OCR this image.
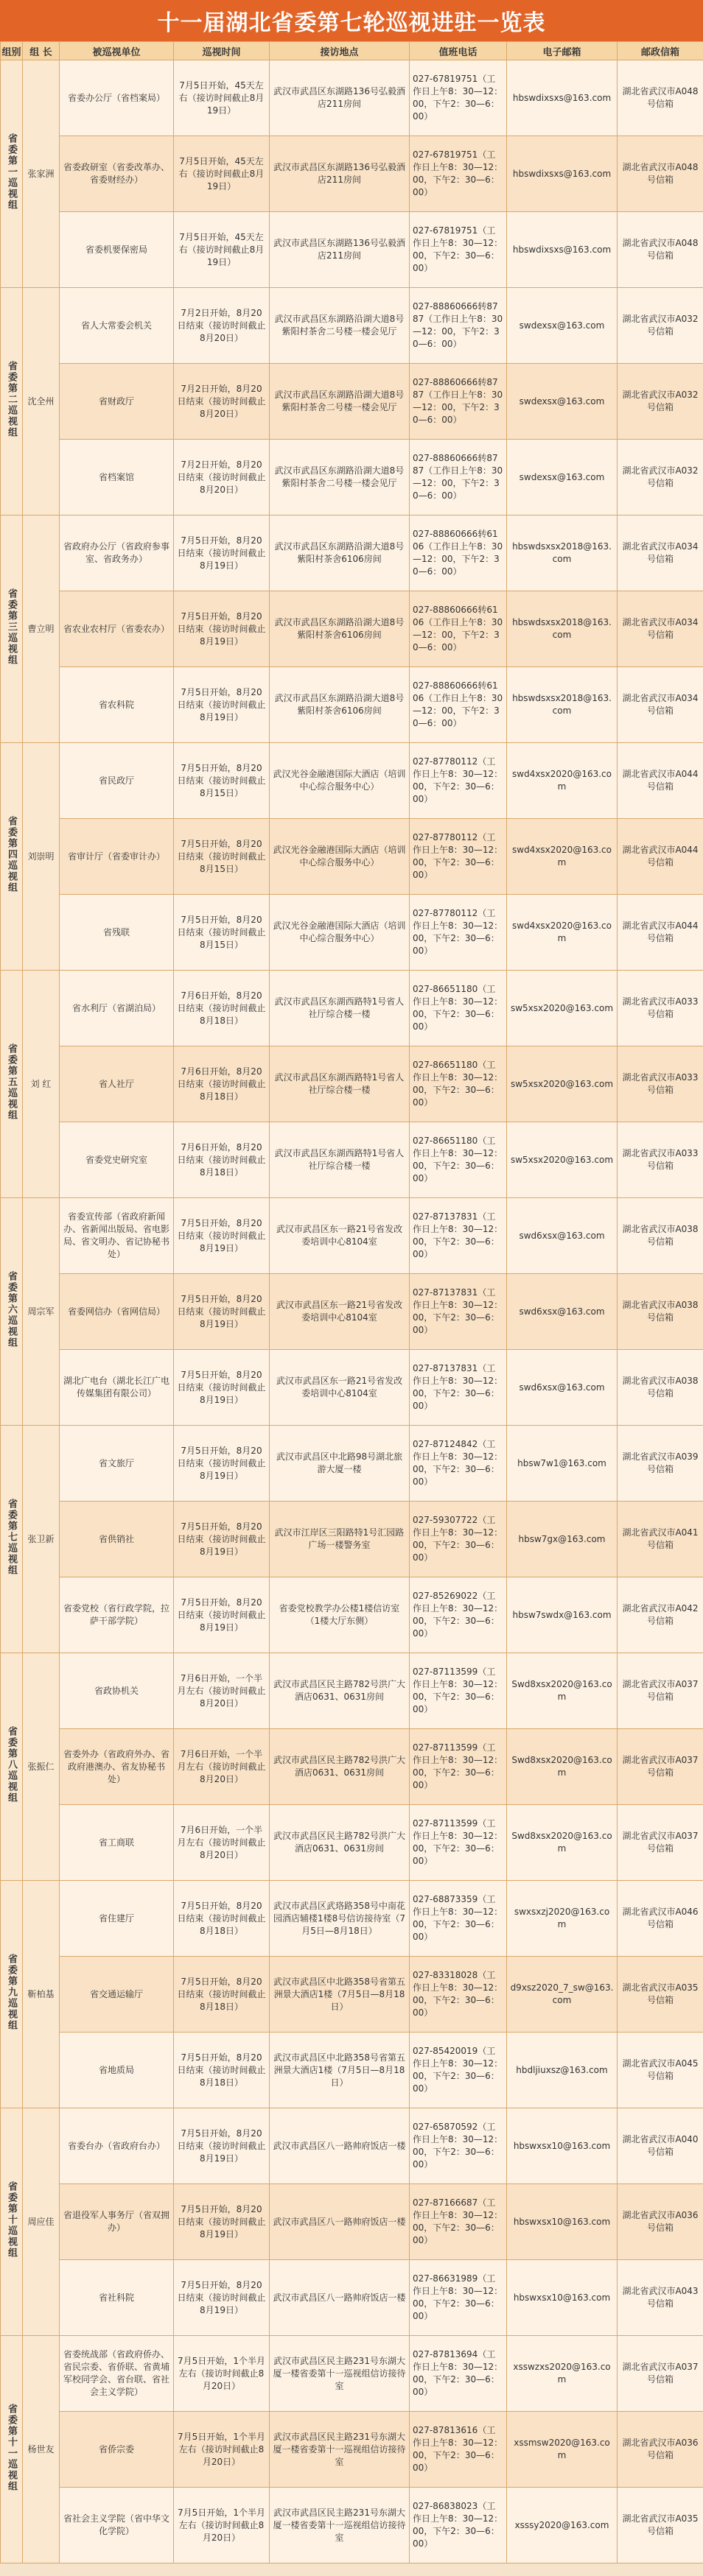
十一届湖北省委第七轮巡视进驻一览表
组别	组 长	被巡视单位	巡视时间	接访地点	值班电话	电子邮箱	邮政信箱
省委第一巡视组	张家洲	省委办公厅（省档案局）	7月5日开始，45天左右（接访时间截止8月19日）	武汉市武昌区东湖路136号弘毅酒店211房间	027-67819751（工作日上午8：30—12：00，下午2：30—6：00）	hbswdixsxs@163.com	湖北省武汉市A048号信箱
		省委政研室（省委改革办、省委财经办）	7月5日开始，45天左右（接访时间截止8月19日）	武汉市武昌区东湖路136号弘毅酒店211房间	027-67819751（工作日上午8：30—12：00，下午2：30—6：00）	hbswdixsxs@163.com	湖北省武汉市A048号信箱
		省委机要保密局	7月5日开始，45天左右（接访时间截止8月19日）	武汉市武昌区东湖路136号弘毅酒店211房间	027-67819751（工作日上午8：30—12：00，下午2：30—6：00）	hbswdixsxs@163.com	湖北省武汉市A048号信箱
省委第二巡视组	沈全州	省人大常委会机关	7月2日开始，8月20日结束（接访时间截止8月20日）	武汉市武昌区东湖路沿湖大道8号紫阳村茶舍二号楼一楼会见厅	027-88860666转8787（工作日上午8：30—12：00，下午2：30—6：00）	swdexsx@163.com	湖北省武汉市A032号信箱
		省财政厅	7月2日开始，8月20日结束（接访时间截止8月20日）	武汉市武昌区东湖路沿湖大道8号紫阳村茶舍二号楼一楼会见厅	027-88860666转8787（工作日上午8：30—12：00，下午2：30—6：00）	swdexsx@163.com	湖北省武汉市A032号信箱
		省档案馆	7月2日开始，8月20日结束（接访时间截止8月20日）	武汉市武昌区东湖路沿湖大道8号紫阳村茶舍二号楼一楼会见厅	027-88860666转8787（工作日上午8：30—12：00，下午2：30—6：00）	swdexsx@163.com	湖北省武汉市A032号信箱
省委第三巡视组	曹立明	省政府办公厅（省政府参事室、省政务办）	7月5日开始，8月20日结束（接访时间截止8月19日）	武汉市武昌区东湖路沿湖大道8号紫阳村茶舍6106房间	027-88860666转6106（工作日上午8：30—12：00，下午2：30—6：00）	hbswdsxsx2018@163.com	湖北省武汉市A034号信箱
		省农业农村厅（省委农办）	7月5日开始，8月20日结束（接访时间截止8月19日）	武汉市武昌区东湖路沿湖大道8号紫阳村茶舍6106房间	027-88860666转6106（工作日上午8：30—12：00，下午2：30—6：00）	hbswdsxsx2018@163.com	湖北省武汉市A034号信箱
		省农科院	7月5日开始，8月20日结束（接访时间截止8月19日）	武汉市武昌区东湖路沿湖大道8号紫阳村茶舍6106房间	027-88860666转6106（工作日上午8：30—12：00，下午2：30—6：00）	hbswdsxsx2018@163.com	湖北省武汉市A034号信箱
省委第四巡视组	刘崇明	省民政厅	7月5日开始，8月20日结束（接访时间截止8月15日）	武汉光谷金融港国际大酒店（培训中心综合服务中心）	027-87780112（工作日上午8：30—12：00，下午2：30—6：00）	swd4xsx2020@163.com	湖北省武汉市A044号信箱
		省审计厅（省委审计办）	7月5日开始，8月20日结束（接访时间截止8月15日）	武汉光谷金融港国际大酒店（培训中心综合服务中心）	027-87780112（工作日上午8：30—12：00，下午2：30—6：00）	swd4xsx2020@163.com	湖北省武汉市A044号信箱
		省残联	7月5日开始，8月20日结束（接访时间截止8月15日）	武汉光谷金融港国际大酒店（培训中心综合服务中心）	027-87780112（工作日上午8：30—12：00，下午2：30—6：00）	swd4xsx2020@163.com	湖北省武汉市A044号信箱
省委第五巡视组	刘 红	省水利厅（省湖泊局）	7月6日开始，8月20日结束（接访时间截止8月18日）	武汉市武昌区东湖西路特1号省人社厅综合楼一楼	027-86651180（工作日上午8：30—12：00，下午2：30—6：00）	sw5xsx2020@163.com	湖北省武汉市A033号信箱
		省人社厅	7月6日开始，8月20日结束（接访时间截止8月18日）	武汉市武昌区东湖西路特1号省人社厅综合楼一楼	027-86651180（工作日上午8：30—12：00，下午2：30—6：00）	sw5xsx2020@163.com	湖北省武汉市A033号信箱
		省委党史研究室	7月6日开始，8月20日结束（接访时间截止8月18日）	武汉市武昌区东湖西路特1号省人社厅综合楼一楼	027-86651180（工作日上午8：30—12：00，下午2：30—6：00）	sw5xsx2020@163.com	湖北省武汉市A033号信箱
省委第六巡视组	周宗军	省委宣传部（省政府新闻办、省新闻出版局、省电影局、省文明办、省记协秘书处）	7月5日开始，8月20日结束（接访时间截止8月19日）	武汉市武昌区东一路21号省发改委培训中心8104室	027-87137831（工作日上午8：30—12：00，下午2：30—6：00）	swd6xsx@163.com	湖北省武汉市A038号信箱
		省委网信办（省网信局）	7月5日开始，8月20日结束（接访时间截止8月19日）	武汉市武昌区东一路21号省发改委培训中心8104室	027-87137831（工作日上午8：30—12：00，下午2：30—6：00）	swd6xsx@163.com	湖北省武汉市A038号信箱
		湖北广电台（湖北长江广电传媒集团有限公司）	7月5日开始，8月20日结束（接访时间截止8月19日）	武汉市武昌区东一路21号省发改委培训中心8104室	027-87137831（工作日上午8：30—12：00，下午2：30—6：00）	swd6xsx@163.com	湖北省武汉市A038号信箱
省委第七巡视组	张卫新	省文旅厅	7月5日开始，8月20日结束（接访时间截止8月19日）	武汉市武昌区中北路98号湖北旅游大厦一楼	027-87124842（工作日上午8：30—12：00，下午2：30—6：00）	hbsw7w1@163.com	湖北省武汉市A039号信箱
		省供销社	7月5日开始，8月20日结束（接访时间截止8月19日）	武汉市江岸区三阳路特1号汇园路广场一楼警务室	027-59307722（工作日上午8：30—12：00，下午2：30—6：00）	hbsw7gx@163.com	湖北省武汉市A041号信箱
		省委党校（省行政学院，拉萨干部学院）	7月5日开始，8月20日结束（接访时间截止8月19日）	省委党校教学办公楼1楼信访室（1楼大厅东侧）	027-85269022（工作日上午8：30—12：00，下午2：30—6：00）	hbsw7swdx@163.com	湖北省武汉市A042号信箱
省委第八巡视组	张振仁	省政协机关	7月6日开始，一个半月左右（接访时间截止8月20日）	武汉市武昌区民主路782号洪广大酒店0631、0631房间	027-87113599（工作日上午8：30—12：00，下午2：30—6：00）	Swd8xsx2020@163.com	湖北省武汉市A037号信箱
		省委外办（省政府外办、省政府港澳办、省友协秘书处）	7月6日开始，一个半月左右（接访时间截止8月20日）	武汉市武昌区民主路782号洪广大酒店0631、0631房间	027-87113599（工作日上午8：30—12：00，下午2：30—6：00）	Swd8xsx2020@163.com	湖北省武汉市A037号信箱
		省工商联	7月6日开始，一个半月左右（接访时间截止8月20日）	武汉市武昌区民主路782号洪广大酒店0631、0631房间	027-87113599（工作日上午8：30—12：00，下午2：30—6：00）	Swd8xsx2020@163.com	湖北省武汉市A037号信箱
省委第九巡视组	靳柏基	省住建厅	7月5日开始，8月20日结束（接访时间截止8月18日）	武汉市武昌区武珞路358号中南花园酒店辅楼1楼8号信访接待室（7月5日—8月18日）	027-68873359（工作日上午8：30—12：00，下午2：30—6：00）	swxsxzj2020@163.com	湖北省武汉市A046号信箱
		省交通运输厅	7月5日开始，8月20日结束（接访时间截止8月18日）	武汉市武昌区中北路358号省第五洲景大酒店1楼（7月5日—8月18日）	027-83318028（工作日上午8：30—12：00，下午2：30—6：00）	d9xsz2020_7_sw@163.com	湖北省武汉市A035号信箱
		省地质局	7月5日开始，8月20日结束（接访时间截止8月18日）	武汉市武昌区中北路358号省第五洲景大酒店1楼（7月5日—8月18日）	027-85420019（工作日上午8：30—12：00，下午2：30—6：00）	hbdljiuxsz@163.com	湖北省武汉市A045号信箱
省委第十巡视组	周应佳	省委台办（省政府台办）	7月5日开始，8月20日结束（接访时间截止8月19日）	武汉市武昌区八一路帅府饭店一楼	027-65870592（工作日上午8：30—12：00，下午2：30—6：00）	hbswxsx10@163.com	湖北省武汉市A040号信箱
		省退役军人事务厅（省双拥办）	7月5日开始，8月20日结束（接访时间截止8月19日）	武汉市武昌区八一路帅府饭店一楼	027-87166687（工作日上午8：30—12：00，下午2：30—6：00）	hbswxsx10@163.com	湖北省武汉市A036号信箱
		省社科院	7月5日开始，8月20日结束（接访时间截止8月19日）	武汉市武昌区八一路帅府饭店一楼	027-86631989（工作日上午8：30—12：00，下午2：30—6：00）	hbswxsx10@163.com	湖北省武汉市A043号信箱
省委第十一巡视组	杨世友	省委统战部（省政府侨办、省民宗委、省侨联、省黄埔军校同学会、省台联、省社会主义学院）	7月5日开始，1个半月左右（接访时间截止8月20日）	武汉市武昌区民主路231号东湖大厦一楼省委第十一巡视组信访接待室	027-87813694（工作日上午8：30—12：00，下午2：30—6：00）	xsswzxs2020@163.com	湖北省武汉市A037号信箱
		省侨宗委	7月5日开始，1个半月左右（接访时间截止8月20日）	武汉市武昌区民主路231号东湖大厦一楼省委第十一巡视组信访接待室	027-87813616（工作日上午8：30—12：00，下午2：30—6：00）	xssmsw2020@163.com	湖北省武汉市A036号信箱
		省社会主义学院（省中华文化学院）	7月5日开始，1个半月左右（接访时间截止8月20日）	武汉市武昌区民主路231号东湖大厦一楼省委第十一巡视组信访接待室	027-86838023（工作日上午8：30—12：00，下午2：30—6：00）	xsssy2020@163.com	湖北省武汉市A035号信箱
